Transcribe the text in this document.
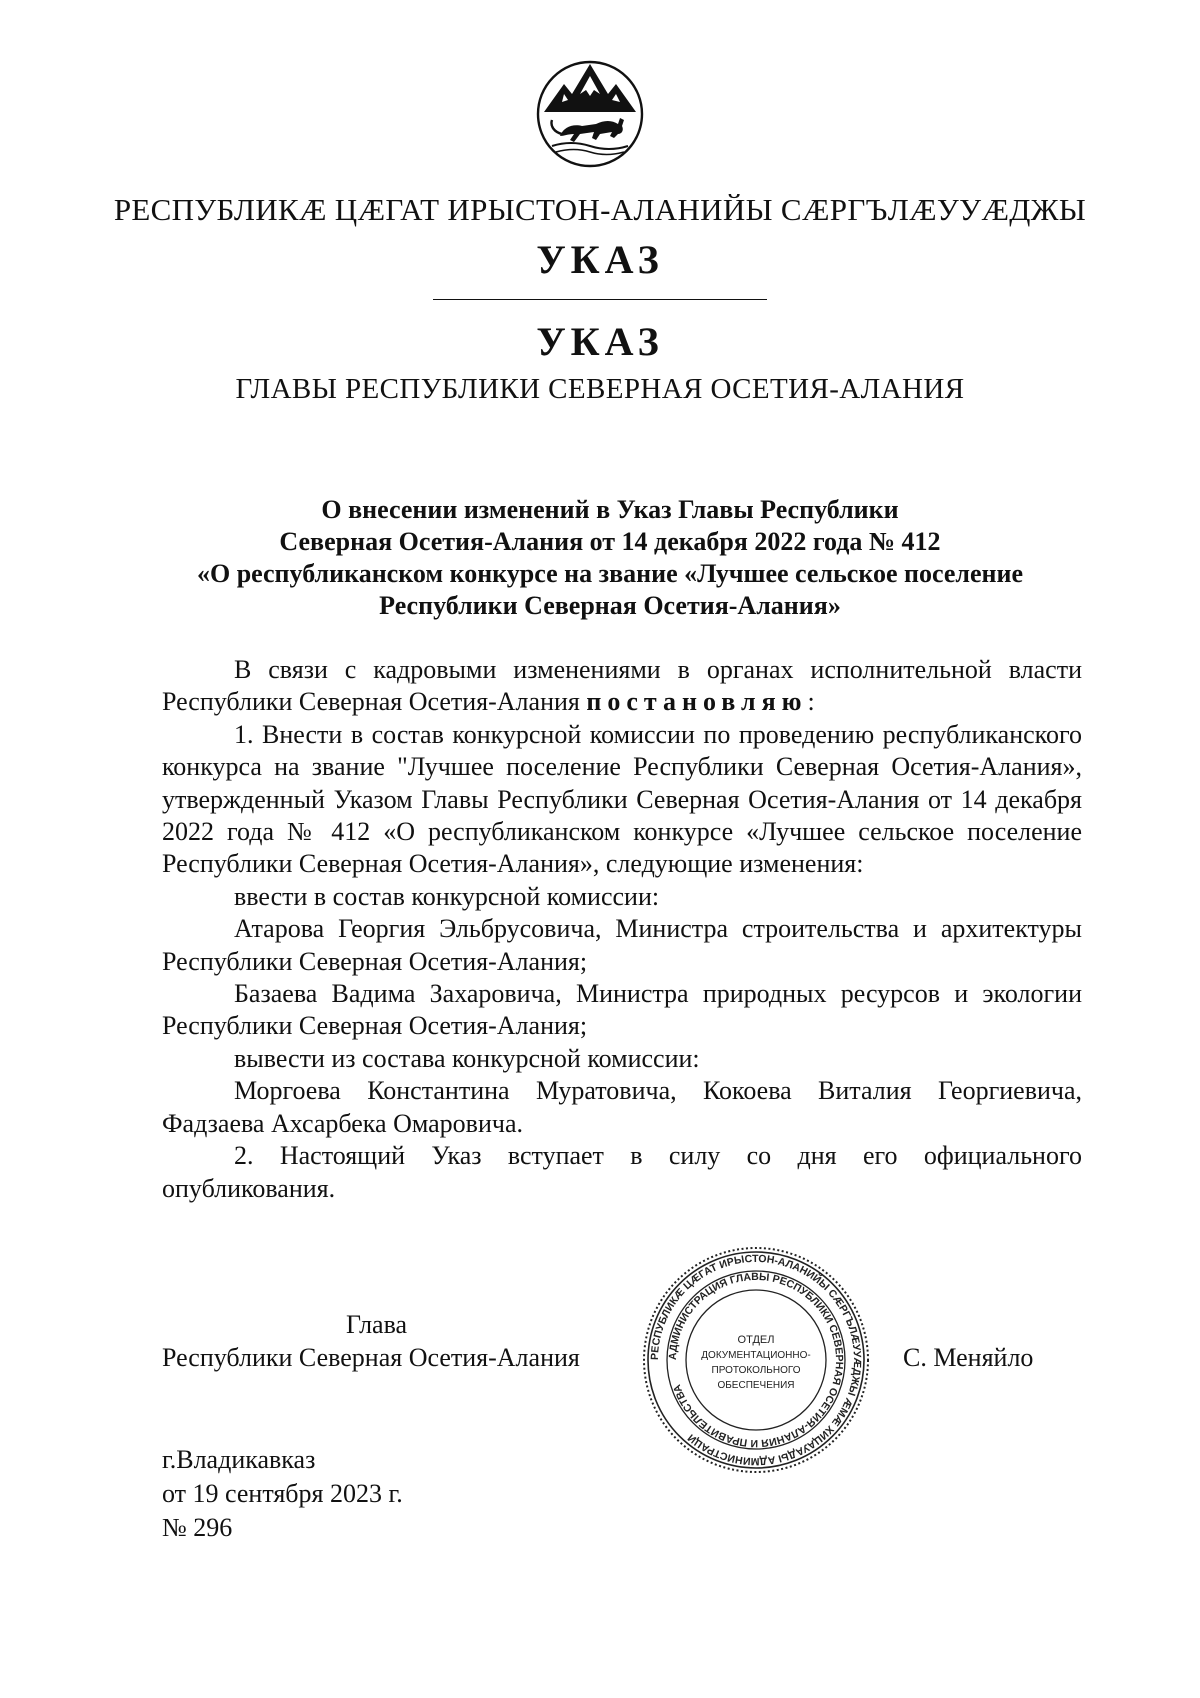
РЕСПУБЛИКӔ ЦӔГАТ ИРЫСТОН-АЛАНИЙЫ СӔРГЪЛӔУУӔДЖЫ
УКАЗ
УКАЗ
ГЛАВЫ РЕСПУБЛИКИ СЕВЕРНАЯ ОСЕТИЯ-АЛАНИЯ
О внесении изменений в Указ Главы Республики
Северная Осетия-Алания от 14 декабря 2022 года № 412
«О республиканском конкурсе на звание «Лучшее сельское поселение
Республики Северная Осетия-Алания»

В связи с кадровыми изменениями в органах исполнительной власти Республики Северная Осетия-Алания постановляю:

1. Внести в состав конкурсной комиссии по проведению республиканского конкурса на звание "Лучшее поселение Республики Северная Осетия-Алания», утвержденный Указом Главы Республики Северная Осетия-Алания от 14 декабря 2022 года № 412 «О республиканском конкурсе «Лучшее сельское поселение Республики Северная Осетия-Алания», следующие изменения:

ввести в состав конкурсной комиссии:

Атарова Георгия Эльбрусовича, Министра строительства и архитектуры Республики Северная Осетия-Алания;

Базаева Вадима Захаровича, Министра природных ресурсов и экологии Республики Северная Осетия-Алания;

вывести из состава конкурсной комиссии:

Моргоева Константина Муратовича, Кокоева Виталия Георгиевича, Фадзаева Ахсарбека Омаровича.

2. Настоящий Указ вступает в силу со дня его официального опубликования.

Глава
Республики Северная Осетия-Алания	С. Меняйло
РЕСПУБЛИКӔ ЦӔГАТ ИРЫСТОН-АЛАНИЙЫ СӔРГЪЛӔУУӔДЖЫ ӔМӔ ХИЦАУАДЫ АДМИНИСТРАЦИ
АДМИНИСТРАЦИЯ ГЛАВЫ РЕСПУБЛИКИ СЕВЕРНАЯ ОСЕТИЯ-АЛАНИЯ И ПРАВИТЕЛЬСТВА
ОТДЕЛ
ДОКУМЕНТАЦИОННО-
ПРОТОКОЛЬНОГО
ОБЕСПЕЧЕНИЯ
г.Владикавказ
от 19 сентября 2023 г.
№ 296
